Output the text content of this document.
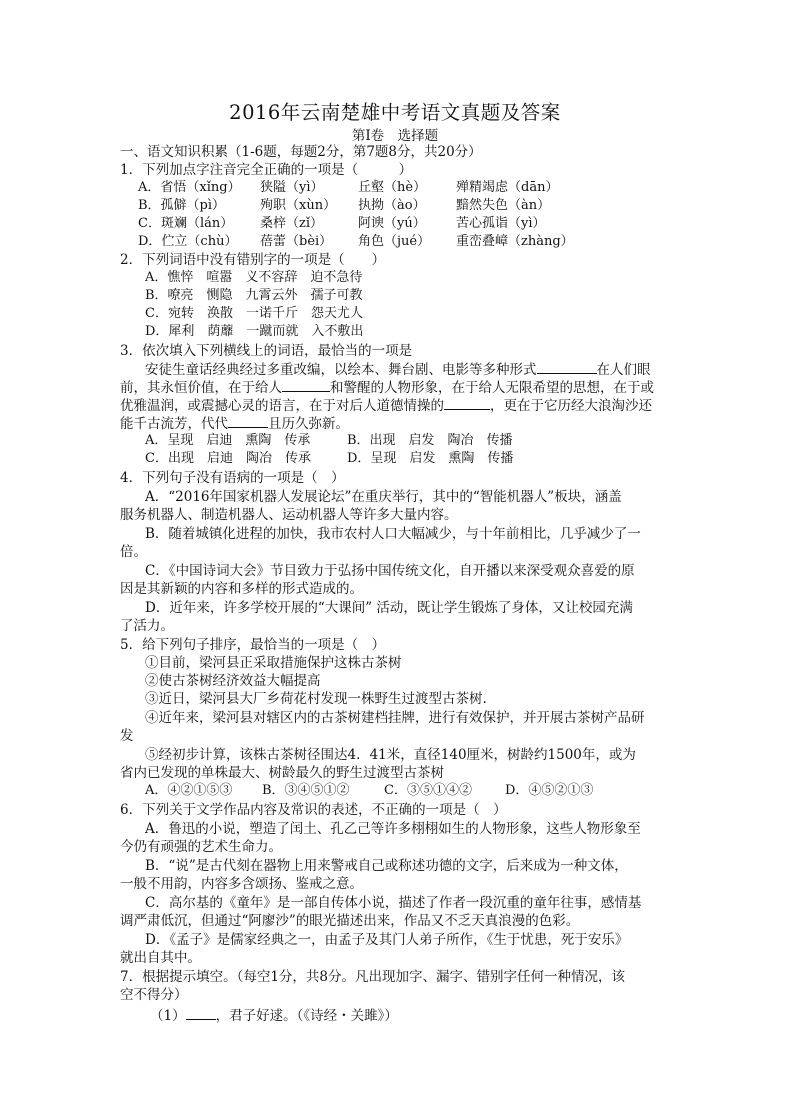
2016年云南楚雄中考语文真题及答案
第Ⅰ卷　选择题
一、语文知识积累（1-6题，每题2分，第7题8分，共20分）
1．下列加点字注音完全正确的一项是（　　　）
A．省悟（xǐng） 狭隘（yì）	丘壑（hè） 殚精竭虑（dān）
B．孤僻（pì）	殉职（xùn） 执拗（ào） 黯然失色（àn）
C．斑斓（lán） 桑梓（zǐ）	阿谀（yú） 苦心孤诣（yì）
D．伫立（chù） 蓓蕾（bèi） 角色（jué） 重峦叠嶂（zhàng）
2．下列词语中没有错别字的一项是（　　）
A．憔悴　喧嚣　义不容辞　迫不急待
B．嘹亮　恻隐　九霄云外　孺子可教
C．宛转　涣散　一诺千斤　怨天尤人
D．犀利　荫蘼　一蹴而就　入不敷出
3．依次填入下列横线上的词语，最恰当的一项是
安徒生童话经典经过多重改编，以绘本、舞台剧、电影等多种形式	在人们眼
前，其永恒价值，在于给人	和警醒的人物形象，在于给人无限希望的思想，在于或
优雅温润，或震撼心灵的语言，在于对后人道德情操的	，更在于它历经大浪淘沙还
能千古流芳，代代	且历久弥新。
A．呈现　启迪　熏陶　传承	B．出现　启发　陶冶　传播
C．出现　启迪　陶冶　传承	D．呈现　启发　熏陶　传播
4．下列句子没有语病的一项是（　）
A．“2016年国家机器人发展论坛”在重庆举行，其中的“智能机器人”板块，涵盖
服务机器人、制造机器人、运动机器人等许多大量内容。
B．随着城镇化进程的加快，我市农村人口大幅减少，与十年前相比，几乎减少了一
倍。
C．《中国诗词大会》节目致力于弘扬中国传统文化，自开播以来深受观众喜爱的原
因是其新颖的内容和多样的形式造成的。
D．近年来，许多学校开展的“大课间” 活动，既让学生锻炼了身体，又让校园充满
了活力。
5．给下列句子排序，最恰当的一项是（　）
①目前，梁河县正采取措施保护这株古茶树
②使古茶树经济效益大幅提高
③近日，梁河县大厂乡荷花村发现一株野生过渡型古茶树.
④近年来，梁河县对辖区内的古茶树建档挂牌，进行有效保护，并开展古茶树产品研
发
⑤经初步计算，该株古茶树径围达4．41米，直径140厘米，树龄约1500年，或为
省内已发现的单株最大、树龄最久的野生过渡型古茶树
A．④②①⑤③ B．③④⑤①②	C．③⑤①④②	D．④⑤②①③
6．下列关于文学作品内容及常识的表述，不正确的一项是（　）
A．鲁迅的小说，塑造了闰土、孔乙己等许多栩栩如生的人物形象，这些人物形象至
今仍有顽强的艺术生命力。
B．“说”是古代刻在器物上用来警戒自己或称述功德的文字，后来成为一种文体，
一般不用韵，内容多含颂扬、鉴戒之意。
C．高尔基的《童年》是一部自传体小说，描述了作者一段沉重的童年往事，感情基
调严肃低沉，但通过“阿廖沙”的眼光描述出来，作品又不乏天真浪漫的色彩。
D．《孟子》是儒家经典之一，由孟子及其门人弟子所作，《生于忧患，死于安乐》
就出自其中。
7．根据提示填空。（每空1分，共8分。凡出现加字、漏字、错别字任何一种情况，该
空不得分）
（1） ，君子好逑。（《诗经・关雎》）
